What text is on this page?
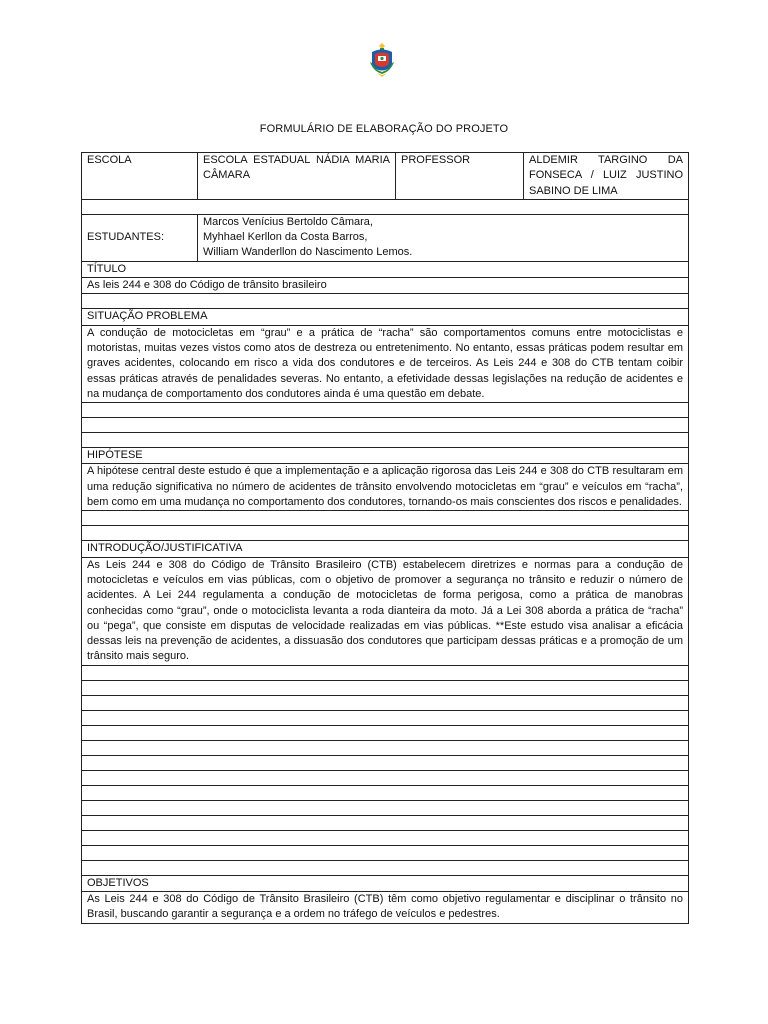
FORMULÁRIO DE ELABORAÇÃO DO PROJETO
ESCOLA	ESCOLA ESTADUAL NÁDIA MARIA CÂMARA	PROFESSOR	ALDEMIR TARGINO DA FONSECA / LUIZ JUSTINO SABINO DE LIMA

ESTUDANTES:	Marcos Venícius Bertoldo Câmara,
Myhhael Kerllon da Costa Barros,
William Wanderllon do Nascimento Lemos.		

TÍTULO			
As leis 244 e 308 do Código de trânsito brasileiro			

SITUAÇÃO PROBLEMA			
A condução de motocicletas em “grau” e a prática de “racha” são comportamentos comuns entre motociclistas e motoristas, muitas vezes vistos como atos de destreza ou entretenimento. No entanto, essas práticas podem resultar em graves acidentes, colocando em risco a vida dos condutores e de terceiros. As Leis 244 e 308 do CTB tentam coibir essas práticas através de penalidades severas. No entanto, a efetividade dessas legislações na redução de acidentes e na mudança de comportamento dos condutores ainda é uma questão em debate.			

HIPÓTESE			
A hipótese central deste estudo é que a implementação e a aplicação rigorosa das Leis 244 e 308 do CTB resultaram em uma redução significativa no número de acidentes de trânsito envolvendo motocicletas em “grau” e veículos em “racha”, bem como em uma mudança no comportamento dos condutores, tornando-os mais conscientes dos riscos e penalidades.			

INTRODUÇÃO/JUSTIFICATIVA			
As Leis 244 e 308 do Código de Trânsito Brasileiro (CTB) estabelecem diretrizes e normas para a condução de motocicletas e veículos em vias públicas, com o objetivo de promover a segurança no trânsito e reduzir o número de acidentes. A Lei 244 regulamenta a condução de motocicletas de forma perigosa, como a prática de manobras conhecidas como “grau”, onde o motociclista levanta a roda dianteira da moto. Já a Lei 308 aborda a prática de “racha” ou “pega”, que consiste em disputas de velocidade realizadas em vias públicas. **Este estudo visa analisar a eficácia dessas leis na prevenção de acidentes, a dissuasão dos condutores que participam dessas práticas e a promoção de um trânsito mais seguro.			

OBJETIVOS			
As Leis 244 e 308 do Código de Trânsito Brasileiro (CTB) têm como objetivo regulamentar e disciplinar o trânsito no Brasil, buscando garantir a segurança e a ordem no tráfego de veículos e pedestres.			
